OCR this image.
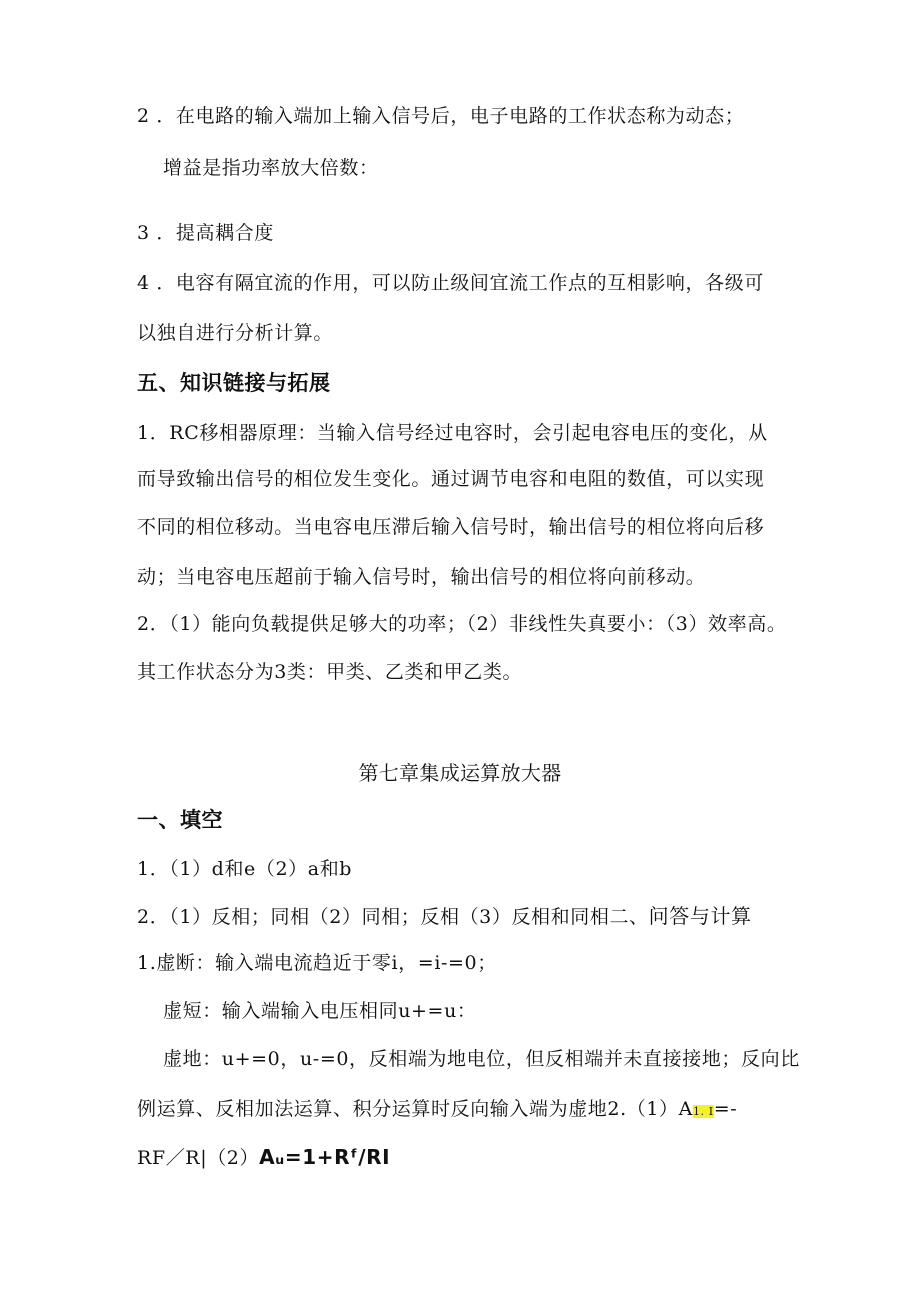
2 ．在电路的输入端加上输入信号后，电子电路的工作状态称为动态；
增益是指功率放大倍数：
3 ．提高耦合度
4 ．电容有隔宜流的作用，可以防止级间宜流工作点的互相影响，各级可
以独自进行分析计算。
五、知识链接与拓展
1．RC移相器原理：当输入信号经过电容时，会引起电容电压的变化，从
而导致输出信号的相位发生变化。通过调节电容和电阻的数值，可以实现
不同的相位移动。当电容电压滞后输入信号时，输出信号的相位将向后移
动；当电容电压超前于输入信号时，输出信号的相位将向前移动。
2．（1）能向负载提供足够大的功率；（2）非线性失真要小：（3）效率高。
其工作状态分为3类：甲类、乙类和甲乙类。
第七章集成运算放大器
一、填空
1．（1）d和e（2）a和b
2．（1）反相；同相（2）同相；反相（3）反相和同相二、问答与计算
1.虚断：输入端电流趋近于零i，=i-=0；
虚短：输入端输入电压相同u+=u：
虚地：u+=0，u-=0，反相端为地电位，但反相端并未直接接地；反向比
例运算、反相加法运算、积分运算时反向输入端为虚地2.（1）A1. I=-
RF／R|（2）Aᵤ=1+Rᶠ/RI
